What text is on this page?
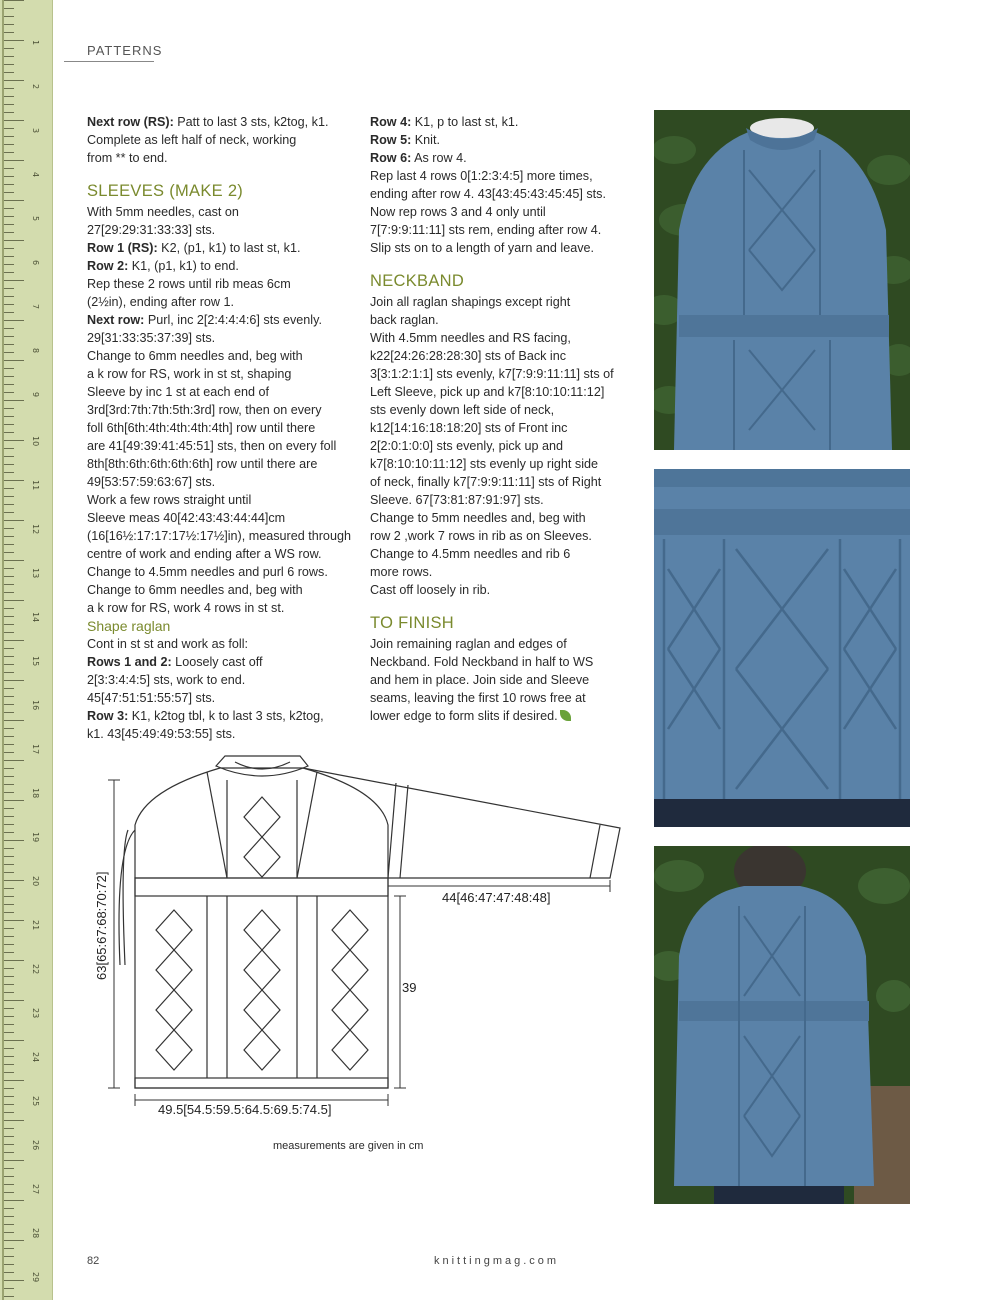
1
2
3
4
5
6
7
8
9
10
11
12
13
14
15
16
17
18
19
20
21
22
23
24
25
26
27
28
29
PATTERNS

Next row (RS): Patt to last 3 sts, k2tog, k1.

Complete as left half of neck, working

from ** to end.

SLEEVES (MAKE 2)

With 5mm needles, cast on

27[29:29:31:33:33] sts.

Row 1 (RS): K2, (p1, k1) to last st, k1.

Row 2: K1, (p1, k1) to end.

Rep these 2 rows until rib meas 6cm

(2½in), ending after row 1.

Next row: Purl, inc 2[2:4:4:4:6] sts evenly.

29[31:33:35:37:39] sts.

Change to 6mm needles and, beg with

a k row for RS, work in st st, shaping

Sleeve by inc 1 st at each end of

3rd[3rd:7th:7th:5th:3rd] row, then on every

foll 6th[6th:4th:4th:4th:4th] row until there

are 41[49:39:41:45:51] sts, then on every foll

8th[8th:6th:6th:6th:6th] row until there are

49[53:57:59:63:67] sts.

Work a few rows straight until

Sleeve meas 40[42:43:43:44:44]cm

(16[16½:17:17:17½:17½]in), measured through

centre of work and ending after a WS row.

Change to 4.5mm needles and purl 6 rows.

Change to 6mm needles and, beg with

a k row for RS, work 4 rows in st st.

Shape raglan

Cont in st st and work as foll:

Rows 1 and 2: Loosely cast off

2[3:3:4:4:5] sts, work to end.

45[47:51:51:55:57] sts.

Row 3: K1, k2tog tbl, k to last 3 sts, k2tog,

k1. 43[45:49:49:53:55] sts.

Row 4: K1, p to last st, k1.

Row 5: Knit.

Row 6: As row 4.

Rep last 4 rows 0[1:2:3:4:5] more times,

ending after row 4. 43[43:45:43:45:45] sts.

Now rep rows 3 and 4 only until

7[7:9:9:11:11] sts rem, ending after row 4.

Slip sts on to a length of yarn and leave.

NECKBAND

Join all raglan shapings except right

back raglan.

With 4.5mm needles and RS facing,

k22[24:26:28:28:30] sts of Back inc

3[3:1:2:1:1] sts evenly, k7[7:9:9:11:11] sts of

Left Sleeve, pick up and k7[8:10:10:11:12]

sts evenly down left side of neck,

k12[14:16:18:18:20] sts of Front inc

2[2:0:1:0:0] sts evenly, pick up and

k7[8:10:10:11:12] sts evenly up right side

of neck, finally k7[7:9:9:11:11] sts of Right

Sleeve. 67[73:81:87:91:97] sts.

Change to 5mm needles and, beg with

row 2 ,work 7 rows in rib as on Sleeves.

Change to 4.5mm needles and rib 6

more rows.

Cast off loosely in rib.

TO FINISH

Join remaining raglan and edges of

Neckband. Fold Neckband in half to WS

and hem in place. Join side and Sleeve

seams, leaving the first 10 rows free at

lower edge to form slits if desired.

63[65:67:68:70:72]	44[46:47:47:48:48]
39
49.5[54.5:59.5:64.5:69.5:74.5]
measurements are given in cm
82	knittingmag.com
